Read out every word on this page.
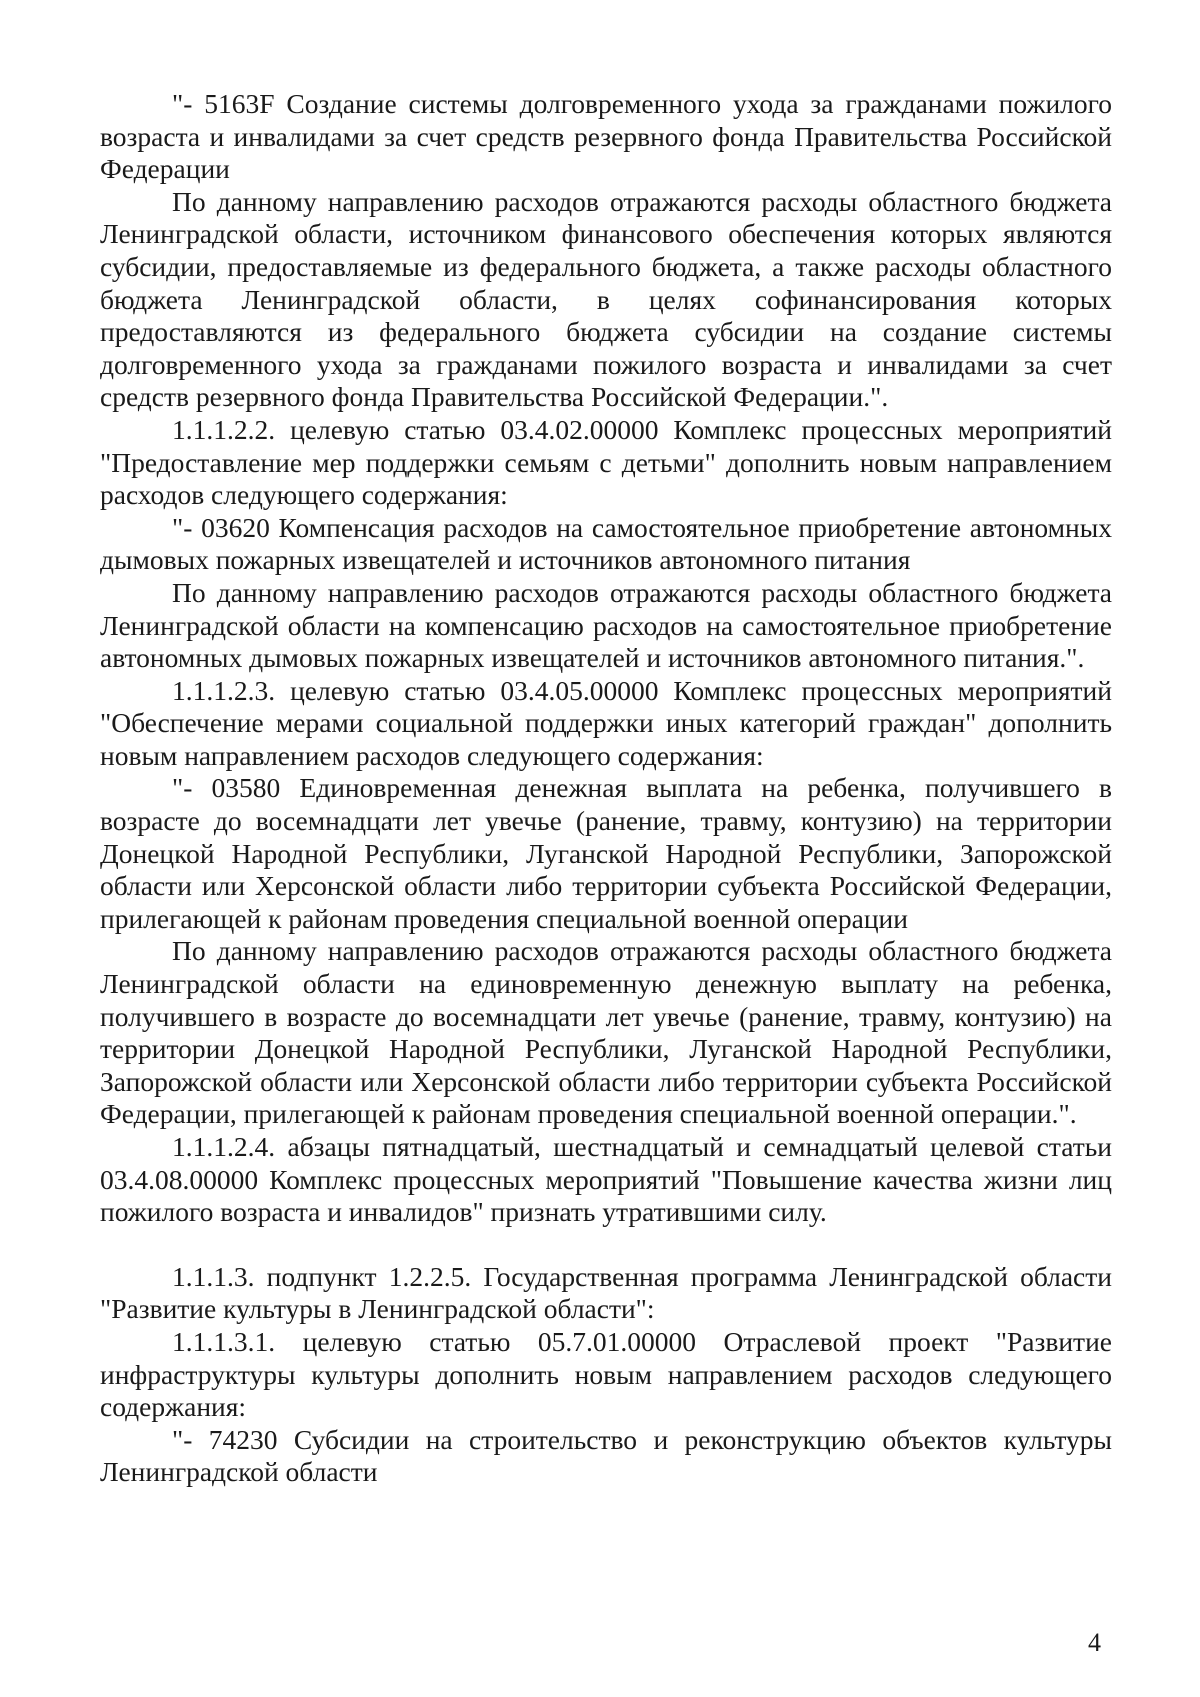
"- 5163F Создание системы долговременного ухода за гражданами пожилого возраста и инвалидами за счет средств резервного фонда Правительства Российской Федерации

По данному направлению расходов отражаются расходы областного бюджета Ленинградской области, источником финансового обеспечения которых являются субсидии, предоставляемые из федерального бюджета, а также расходы областного бюджета Ленинградской области, в целях софинансирования которых предоставляются из федерального бюджета субсидии на создание системы долговременного ухода за гражданами пожилого возраста и инвалидами за счет средств резервного фонда Правительства Российской Федерации.".

1.1.1.2.2. целевую статью 03.4.02.00000 Комплекс процессных мероприятий "Предоставление мер поддержки семьям с детьми" дополнить новым направлением расходов следующего содержания:

"- 03620 Компенсация расходов на самостоятельное приобретение автономных дымовых пожарных извещателей и источников автономного питания

По данному направлению расходов отражаются расходы областного бюджета Ленинградской области на компенсацию расходов на самостоятельное приобретение автономных дымовых пожарных извещателей и источников автономного питания.".

1.1.1.2.3. целевую статью 03.4.05.00000 Комплекс процессных мероприятий "Обеспечение мерами социальной поддержки иных категорий граждан" дополнить новым направлением расходов следующего содержания:

"- 03580 Единовременная денежная выплата на ребенка, получившего в возрасте до восемнадцати лет увечье (ранение, травму, контузию) на территории Донецкой Народной Республики, Луганской Народной Республики, Запорожской области или Херсонской области либо территории субъекта Российской Федерации, прилегающей к районам проведения специальной военной операции

По данному направлению расходов отражаются расходы областного бюджета Ленинградской области на единовременную денежную выплату на ребенка, получившего в возрасте до восемнадцати лет увечье (ранение, травму, контузию) на территории Донецкой Народной Республики, Луганской Народной Республики, Запорожской области или Херсонской области либо территории субъекта Российской Федерации, прилегающей к районам проведения специальной военной операции.".

1.1.1.2.4. абзацы пятнадцатый, шестнадцатый и семнадцатый целевой статьи 03.4.08.00000 Комплекс процессных мероприятий "Повышение качества жизни лиц пожилого возраста и инвалидов" признать утратившими силу.

1.1.1.3. подпункт 1.2.2.5. Государственная программа Ленинградской области "Развитие культуры в Ленинградской области":

1.1.1.3.1. целевую статью 05.7.01.00000 Отраслевой проект "Развитие инфраструктуры культуры дополнить новым направлением расходов следующего содержания:

"- 74230 Субсидии на строительство и реконструкцию объектов культуры Ленинградской области

4
